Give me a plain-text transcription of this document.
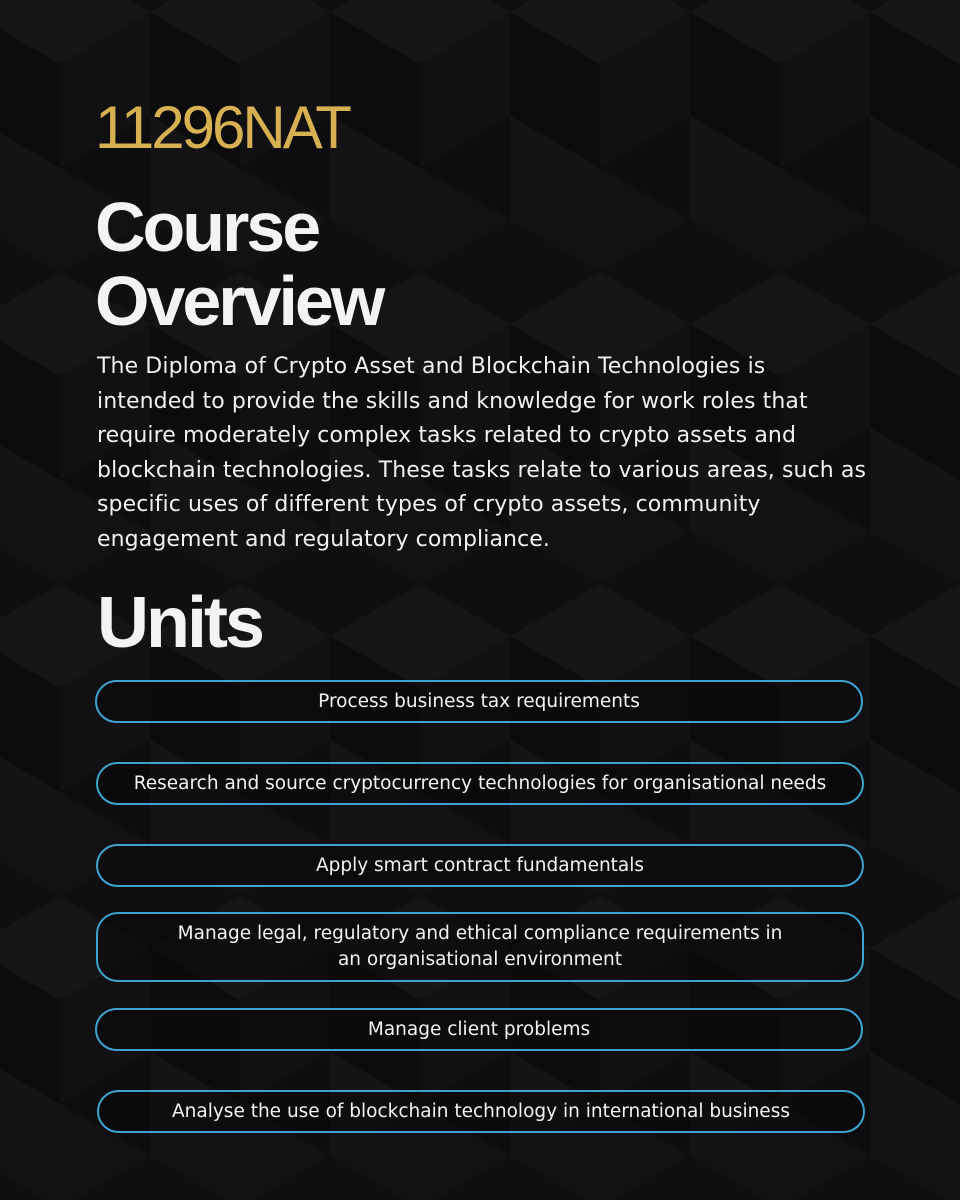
11296NAT
Course
Overview
The Diploma of Crypto Asset and Blockchain Technologies is intended to provide the skills and knowledge for work roles that require moderately complex tasks related to crypto assets and blockchain technologies. These tasks relate to various areas, such as specific uses of different types of crypto assets, community engagement and regulatory compliance.
Units
Process business tax requirements
Research and source cryptocurrency technologies for organisational needs
Apply smart contract fundamentals
Manage legal, regulatory and ethical compliance requirements in an organisational environment
Manage client problems
Analyse the use of blockchain technology in international business
